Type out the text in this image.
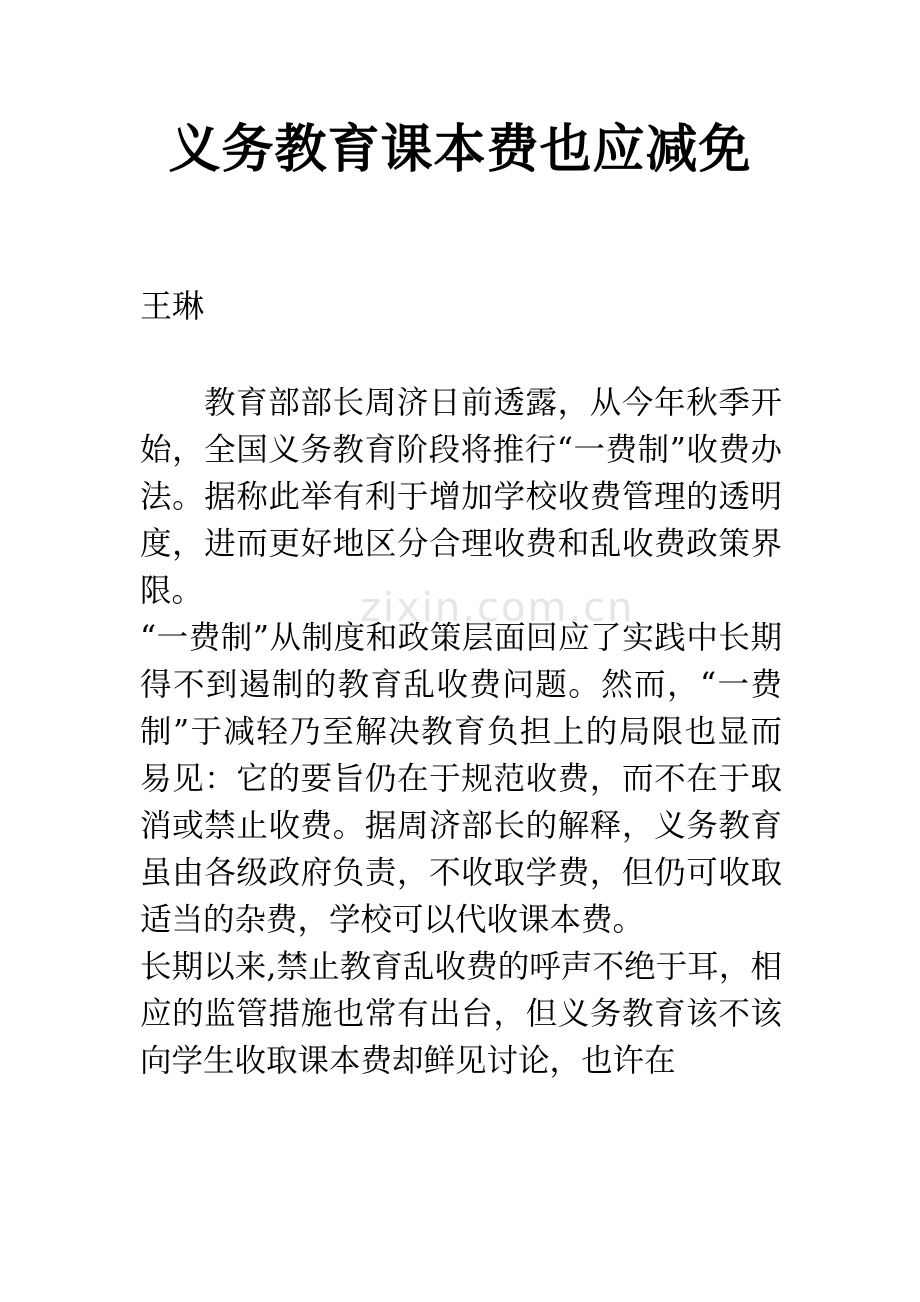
zixin.com.cn
义务教育课本费也应减免

王琳

教育部部长周济日前透露，从今年秋季开始，全国义务教育阶段将推行“一费制”收费办法。据称此举有利于增加学校收费管理的透明度，进而更好地区分合理收费和乱收费政策界限。

“一费制”从制度和政策层面回应了实践中长期得不到遏制的教育乱收费问题。然而，“一费制”于减轻乃至解决教育负担上的局限也显而易见：它的要旨仍在于规范收费，而不在于取消或禁止收费。据周济部长的解释，义务教育虽由各级政府负责，不收取学费，但仍可收取适当的杂费，学校可以代收课本费。

长期以来,禁止教育乱收费的呼声不绝于耳，相应的监管措施也常有出台，但义务教育该不该向学生收取课本费却鲜见讨论，也许在
